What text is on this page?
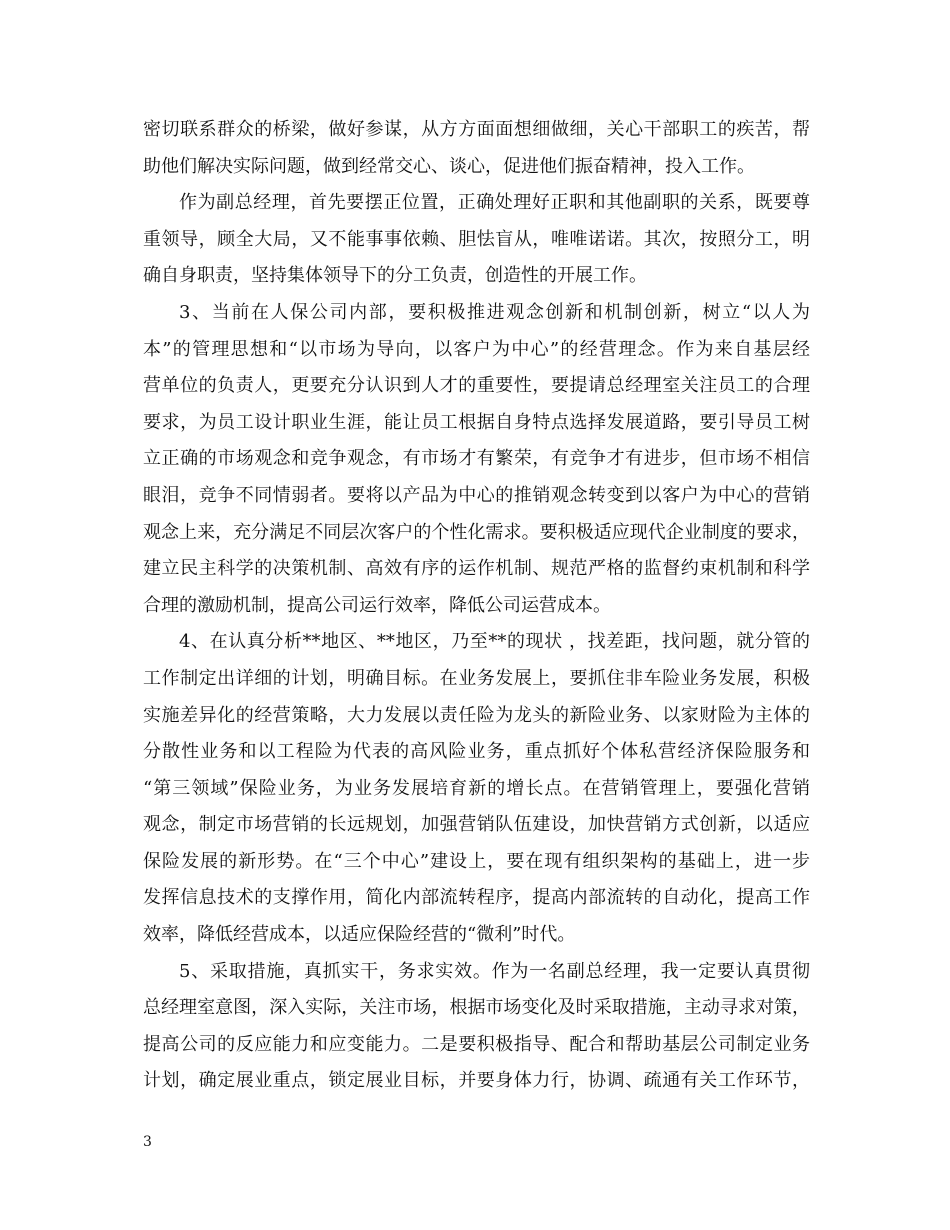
密切联系群众的桥梁，做好参谋，从方方面面想细做细，关心干部职工的疾苦，帮
助他们解决实际问题，做到经常交心、谈心，促进他们振奋精神，投入工作。
作为副总经理，首先要摆正位置，正确处理好正职和其他副职的关系，既要尊
重领导，顾全大局，又不能事事依赖、胆怯盲从，唯唯诺诺。其次，按照分工，明
确自身职责，坚持集体领导下的分工负责，创造性的开展工作。
3、当前在人保公司内部，要积极推进观念创新和机制创新，树立“以人为
本”的管理思想和“以市场为导向，以客户为中心”的经营理念。作为来自基层经
营单位的负责人，更要充分认识到人才的重要性，要提请总经理室关注员工的合理
要求，为员工设计职业生涯，能让员工根据自身特点选择发展道路，要引导员工树
立正确的市场观念和竞争观念，有市场才有繁荣，有竞争才有进步，但市场不相信
眼泪，竞争不同情弱者。要将以产品为中心的推销观念转变到以客户为中心的营销
观念上来，充分满足不同层次客户的个性化需求。要积极适应现代企业制度的要求，
建立民主科学的决策机制、高效有序的运作机制、规范严格的监督约束机制和科学
合理的激励机制，提高公司运行效率，降低公司运营成本。
4、在认真分析**地区、**地区，乃至**的现状 ，找差距，找问题，就分管的
工作制定出详细的计划，明确目标。在业务发展上，要抓住非车险业务发展，积极
实施差异化的经营策略，大力发展以责任险为龙头的新险业务、以家财险为主体的
分散性业务和以工程险为代表的高风险业务，重点抓好个体私营经济保险服务和
“第三领域”保险业务，为业务发展培育新的增长点。在营销管理上，要强化营销
观念，制定市场营销的长远规划，加强营销队伍建设，加快营销方式创新，以适应
保险发展的新形势。在“三个中心”建设上，要在现有组织架构的基础上，进一步
发挥信息技术的支撑作用，简化内部流转程序，提高内部流转的自动化，提高工作
效率，降低经营成本，以适应保险经营的“微利”时代。
5、采取措施，真抓实干，务求实效。作为一名副总经理，我一定要认真贯彻
总经理室意图，深入实际，关注市场，根据市场变化及时采取措施，主动寻求对策，
提高公司的反应能力和应变能力。二是要积极指导、配合和帮助基层公司制定业务
计划，确定展业重点，锁定展业目标，并要身体力行，协调、疏通有关工作环节，
3
